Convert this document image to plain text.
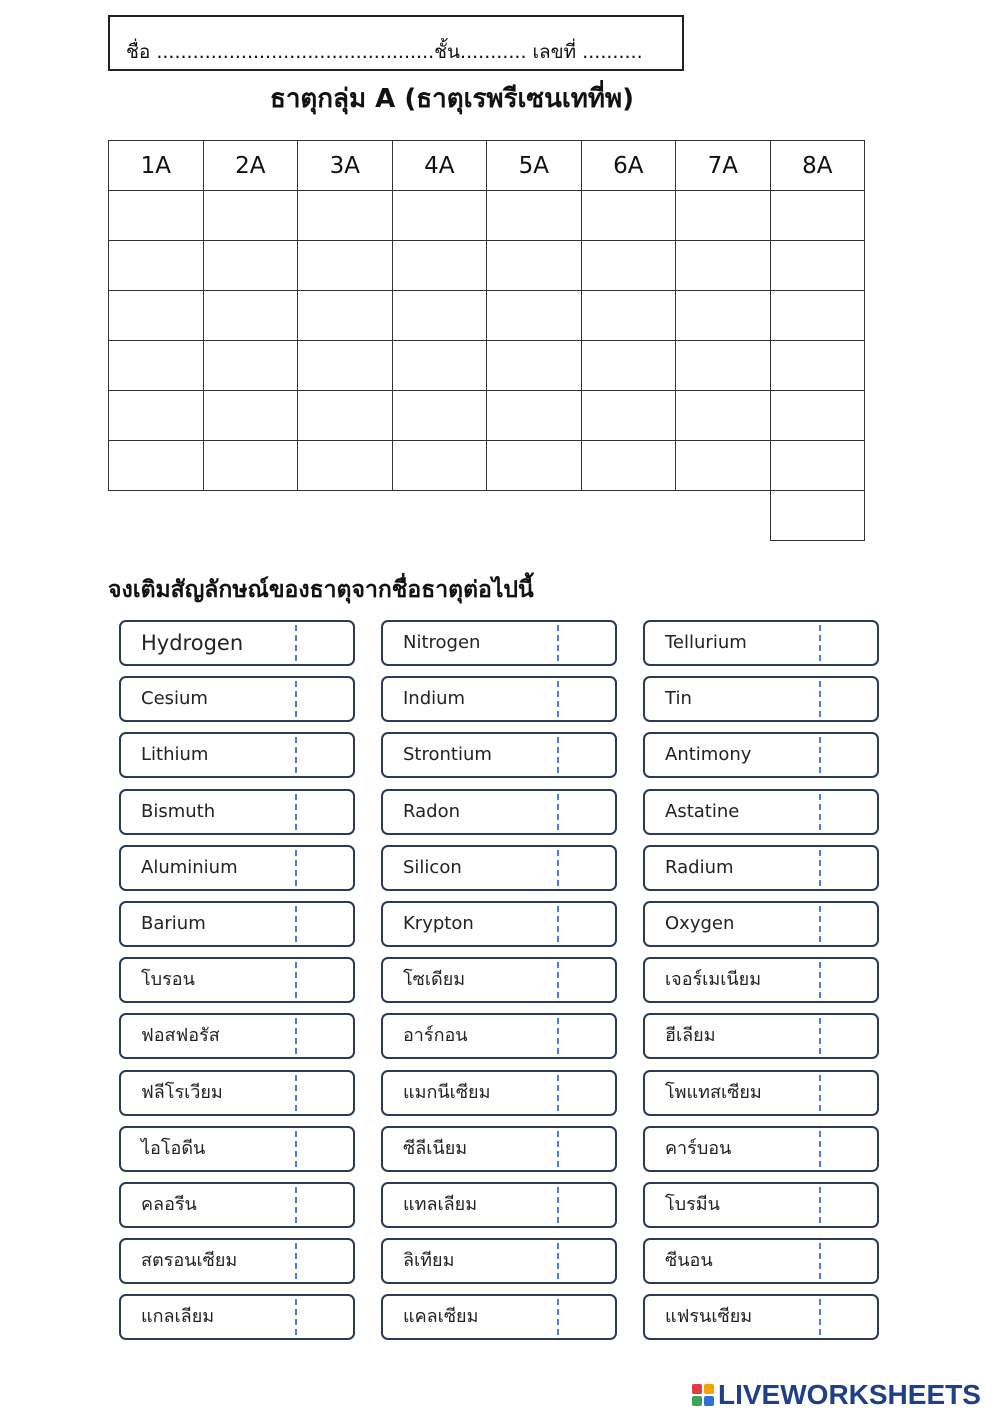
ชื่อ ..............................................ชั้น........... เลขที่ ..........
ธาตุกลุ่ม A (ธาตุเรพรีเซนเทที่พ)
1A	2A	3A	4A	5A	6A	7A	8A

จงเติมสัญลักษณ์ของธาตุจากชื่อธาตุต่อไปนี้
Hydrogen
Cesium
Lithium
Bismuth
Aluminium
Barium
โบรอน
ฟอสฟอรัส
ฟลีโรเวียม
ไอโอดีน
คลอรีน
สตรอนเซียม
แกลเลียม
Nitrogen
Indium
Strontium
Radon
Silicon
Krypton
โซเดียม
อาร์กอน
แมกนีเซียม
ซีลีเนียม
แทลเลียม
ลิเทียม
แคลเซียม
Tellurium
Tin
Antimony
Astatine
Radium
Oxygen
เจอร์เมเนียม
ฮีเลียม
โพแทสเซียม
คาร์บอน
โบรมีน
ซีนอน
แฟรนเซียม
LIVEWORKSHEETS
